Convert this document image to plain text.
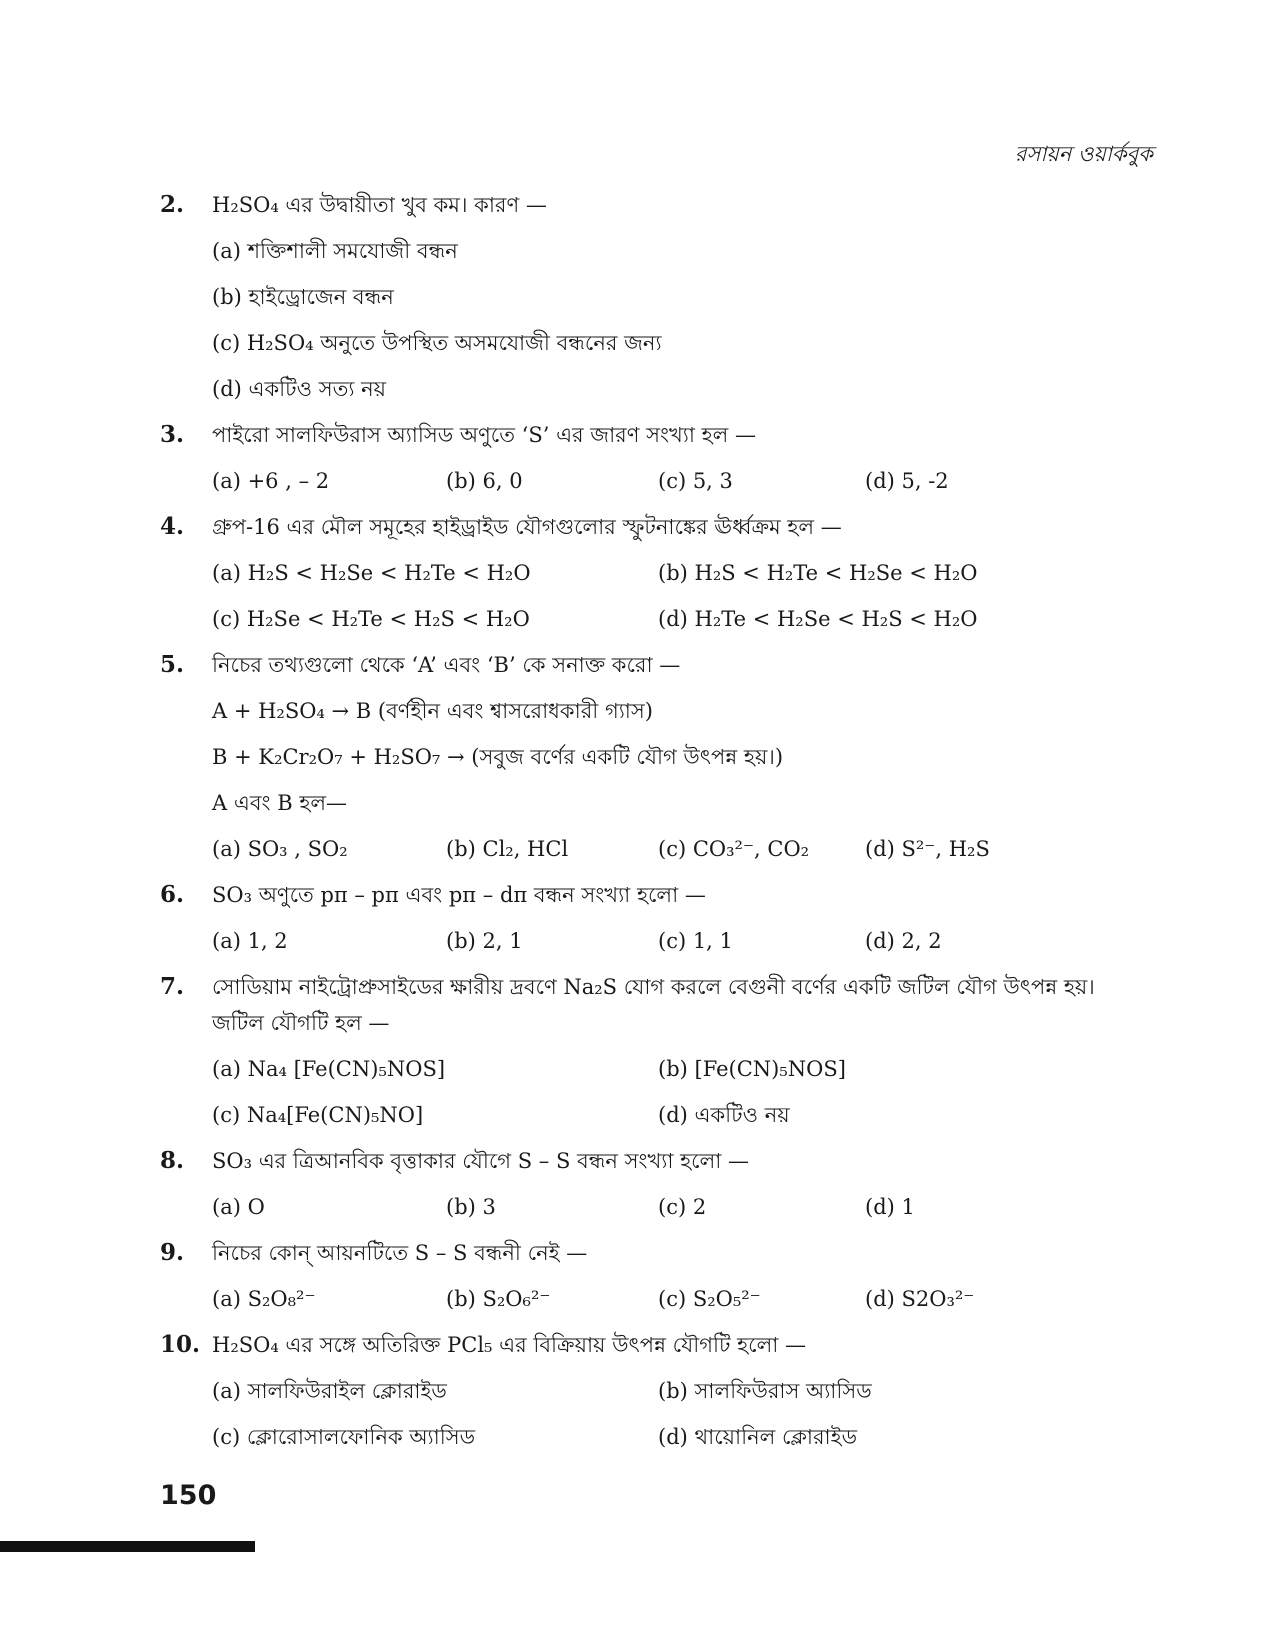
রসায়ন ওয়ার্কবুক
2.	H₂SO₄ এর উদ্বায়ীতা খুব কম। কারণ —
(a) শক্তিশালী সমযোজী বন্ধন
(b) হাইড্রোজেন বন্ধন
(c) H₂SO₄ অনুতে উপস্থিত অসমযোজী বন্ধনের জন্য
(d) একটিও সত্য নয়
3.	পাইরো সালফিউরাস অ্যাসিড অণুতে ‘S’ এর জারণ সংখ্যা হল —
(a) +6 , – 2	(b) 6, 0	(c) 5, 3	(d) 5, -2
4.	গ্রুপ-16 এর মৌল সমূহের হাইড্রাইড যৌগগুলোর স্ফুটনাঙ্কের ঊর্ধ্বক্রম হল —
(a) H₂S < H₂Se < H₂Te < H₂O	(b) H₂S < H₂Te < H₂Se < H₂O
(c) H₂Se < H₂Te < H₂S < H₂O	(d) H₂Te < H₂Se < H₂S < H₂O
5.	নিচের তথ্যগুলো থেকে ‘A’ এবং ‘B’ কে সনাক্ত করো —
A + H₂SO₄ → B (বর্ণহীন এবং শ্বাসরোধকারী গ্যাস)
B + K₂Cr₂O₇ + H₂SO₇ → (সবুজ বর্ণের একটি যৌগ উৎপন্ন হয়।)
A এবং B হল—
(a) SO₃ , SO₂	(b) Cl₂, HCl	(c) CO₃²⁻, CO₂	(d) S²⁻, H₂S
6.	SO₃ অণুতে pπ – pπ এবং pπ – dπ বন্ধন সংখ্যা হলো —
(a) 1, 2	(b) 2, 1	(c) 1, 1	(d) 2, 2
7.	সোডিয়াম নাইট্রোপ্রুসাইডের ক্ষারীয় দ্রবণে Na₂S যোগ করলে বেগুনী বর্ণের একটি জটিল যৌগ উৎপন্ন হয়। জটিল যৌগটি হল —
(a) Na₄ [Fe(CN)₅NOS]	(b) [Fe(CN)₅NOS]
(c) Na₄[Fe(CN)₅NO]	(d) একটিও নয়
8.	SO₃ এর ত্রিআনবিক বৃত্তাকার যৌগে S – S বন্ধন সংখ্যা হলো —
(a) O	(b) 3	(c) 2	(d) 1
9.	নিচের কোন্ আয়নটিতে S – S বন্ধনী নেই —
(a) S₂O₈²⁻	(b) S₂O₆²⁻	(c) S₂O₅²⁻	(d) S2O₃²⁻
10. H₂SO₄ এর সঙ্গে অতিরিক্ত PCl₅ এর বিক্রিয়ায় উৎপন্ন যৌগটি হলো —
(a) সালফিউরাইল ক্লোরাইড	(b) সালফিউরাস অ্যাসিড
(c) ক্লোরোসালফোনিক অ্যাসিড	(d) থায়োনিল ক্লোরাইড
150
